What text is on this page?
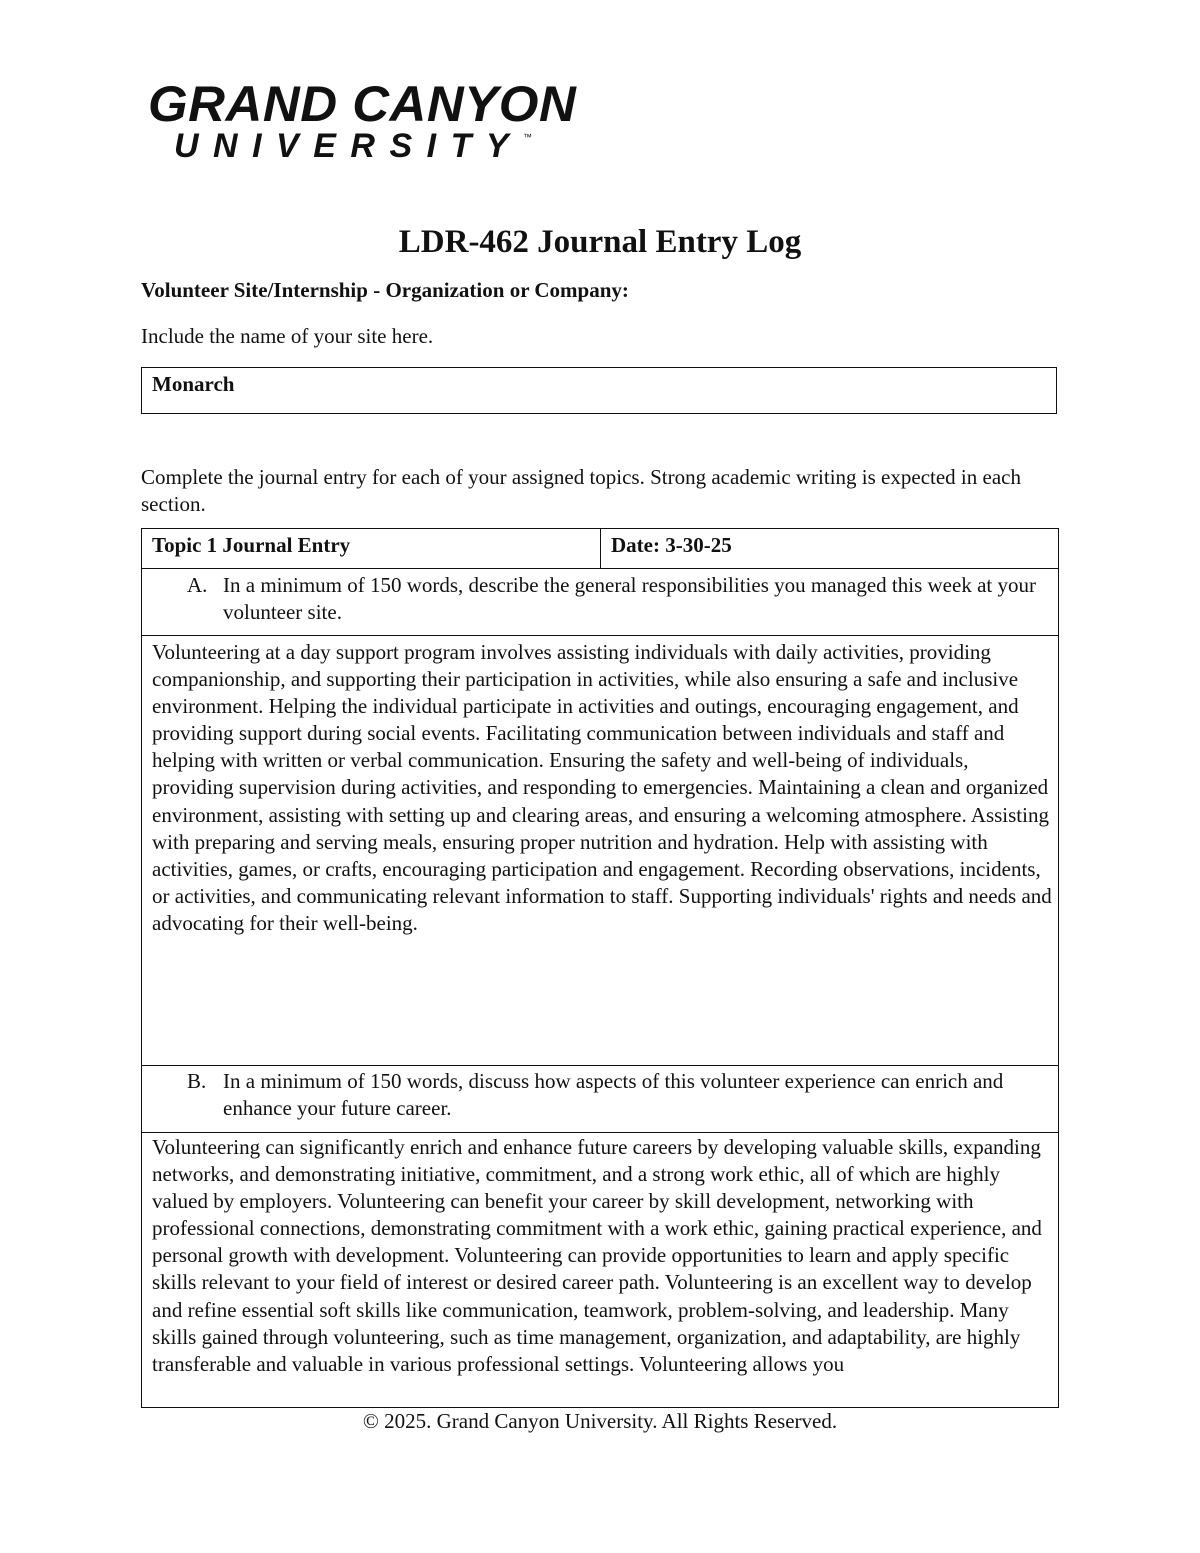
GRAND CANYON
UNIVERSITY ™
LDR-462 Journal Entry Log

Volunteer Site/Internship - Organization or Company:

Include the name of your site here.

Monarch

Complete the journal entry for each of your assigned topics. Strong academic writing is expected in each section.

Topic 1 Journal Entry	Date: 3-30-25
A. In a minimum of 150 words, describe the general responsibilities you managed this week at your volunteer site.
Volunteering at a day support program involves assisting individuals with daily activities, providing companionship, and supporting their participation in activities, while also ensuring a safe and inclusive environment. Helping the individual participate in activities and outings, encouraging engagement, and providing support during social events. Facilitating communication between individuals and staff and helping with written or verbal communication. Ensuring the safety and well-being of individuals, providing supervision during activities, and responding to emergencies. Maintaining a clean and organized environment, assisting with setting up and clearing areas, and ensuring a welcoming atmosphere. Assisting with preparing and serving meals, ensuring proper nutrition and hydration. Help with assisting with activities, games, or crafts, encouraging participation and engagement. Recording observations, incidents, or activities, and communicating relevant information to staff. Supporting individuals' rights and needs and advocating for their well-being.
B. In a minimum of 150 words, discuss how aspects of this volunteer experience can enrich and enhance your future career.
Volunteering can significantly enrich and enhance future careers by developing valuable skills, expanding networks, and demonstrating initiative, commitment, and a strong work ethic, all of which are highly valued by employers. Volunteering can benefit your career by skill development, networking with professional connections, demonstrating commitment with a work ethic, gaining practical experience, and personal growth with development. Volunteering can provide opportunities to learn and apply specific skills relevant to your field of interest or desired career path. Volunteering is an excellent way to develop and refine essential soft skills like communication, teamwork, problem-solving, and leadership. Many skills gained through volunteering, such as time management, organization, and adaptability, are highly transferable and valuable in various professional settings. Volunteering allows you
© 2025. Grand Canyon University. All Rights Reserved.
